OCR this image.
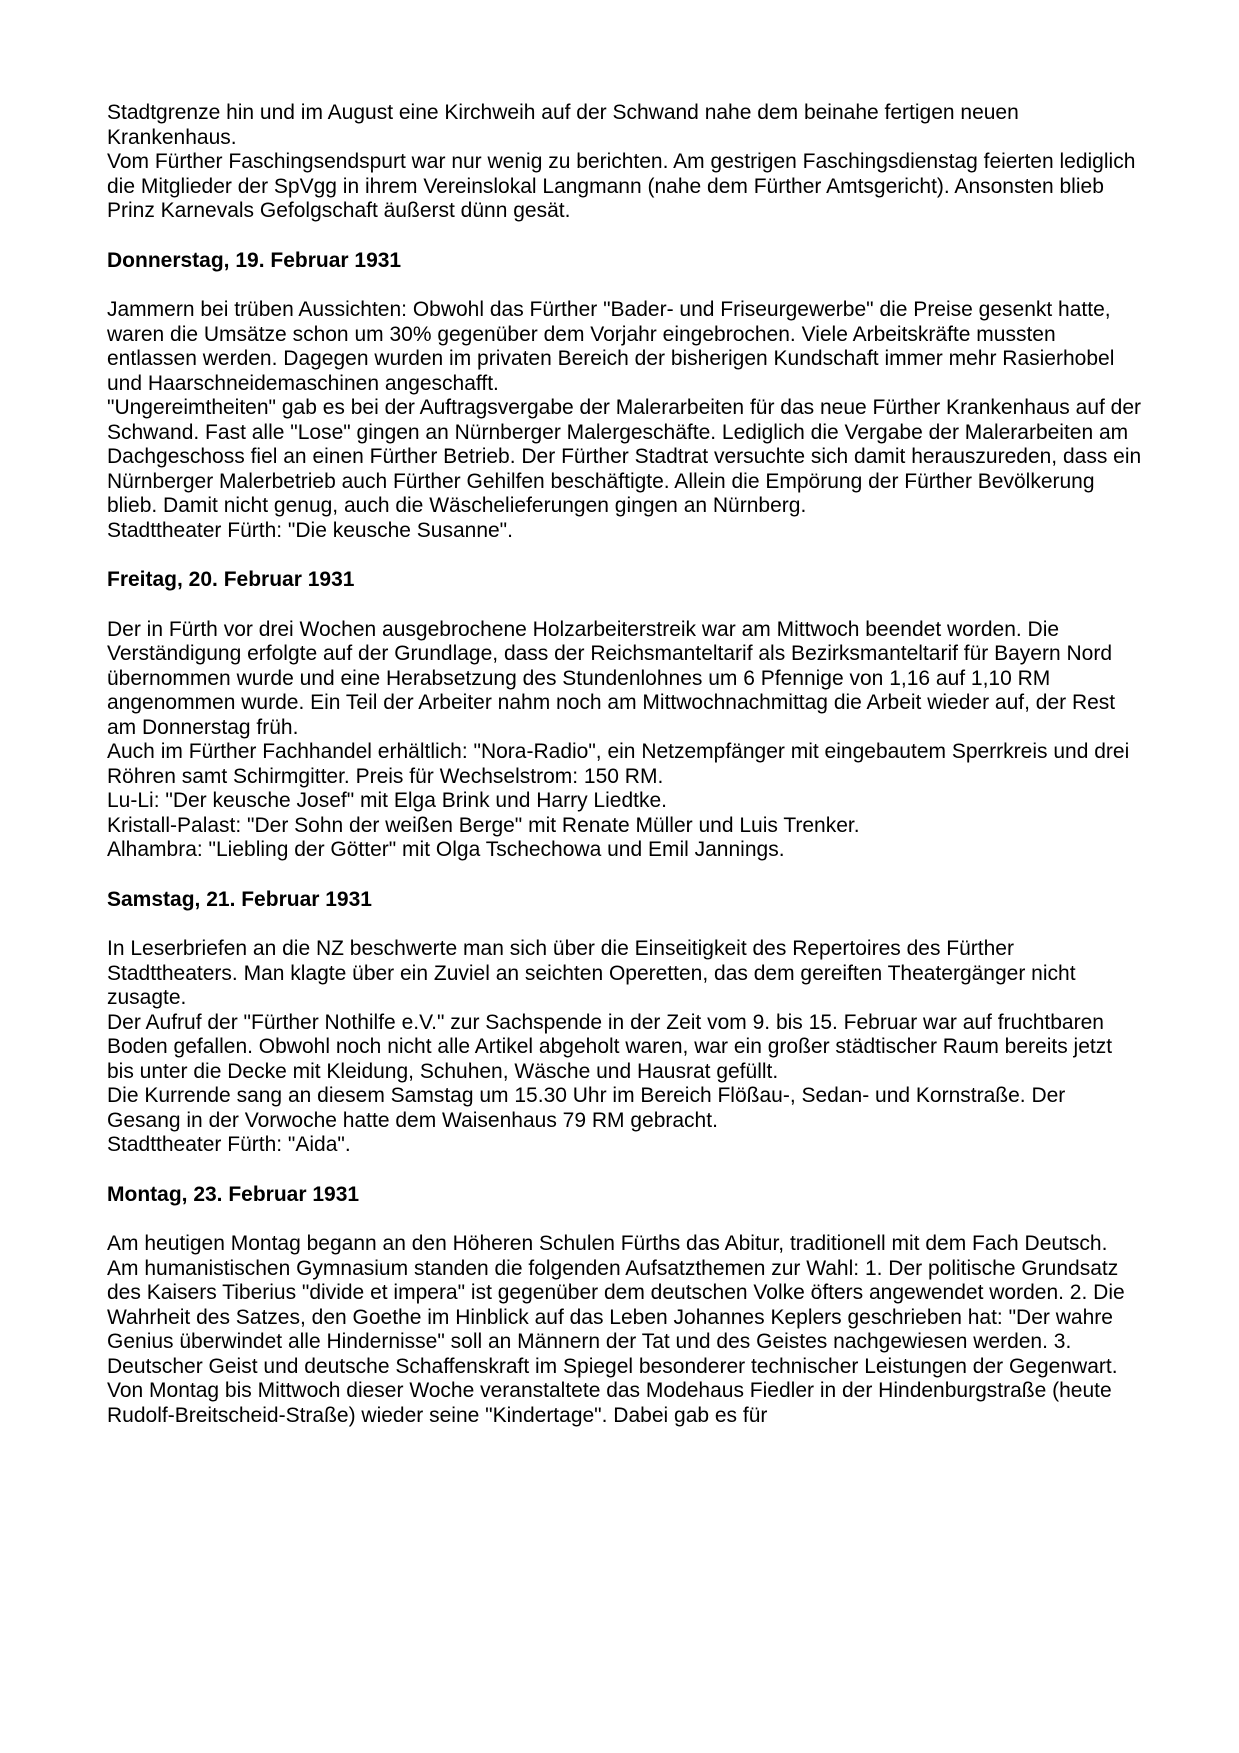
Stadtgrenze hin und im August eine Kirchweih auf der Schwand nahe dem beinahe fertigen neuen Krankenhaus.

Vom Fürther Faschingsendspurt war nur wenig zu berichten. Am gestrigen Faschingsdienstag feierten lediglich die Mitglieder der SpVgg in ihrem Vereinslokal Langmann (nahe dem Fürther Amtsgericht). Ansonsten blieb Prinz Karnevals Gefolgschaft äußerst dünn gesät.

Donnerstag, 19. Februar 1931

Jammern bei trüben Aussichten: Obwohl das Fürther "Bader- und Friseurgewerbe" die Preise gesenkt hatte, waren die Umsätze schon um 30% gegenüber dem Vorjahr eingebrochen. Viele Arbeitskräfte mussten entlassen werden. Dagegen wurden im privaten Bereich der bisherigen Kundschaft immer mehr Rasierhobel und Haarschneidemaschinen angeschafft.

"Ungereimtheiten" gab es bei der Auftragsvergabe der Malerarbeiten für das neue Fürther Krankenhaus auf der Schwand. Fast alle "Lose" gingen an Nürnberger Malergeschäfte. Lediglich die Vergabe der Malerarbeiten am Dachgeschoss fiel an einen Fürther Betrieb. Der Fürther Stadtrat versuchte sich damit herauszureden, dass ein Nürnberger Malerbetrieb auch Fürther Gehilfen beschäftigte. Allein die Empörung der Fürther Bevölkerung blieb. Damit nicht genug, auch die Wäschelieferungen gingen an Nürnberg.

Stadttheater Fürth: "Die keusche Susanne".

Freitag, 20. Februar 1931

Der in Fürth vor drei Wochen ausgebrochene Holzarbeiterstreik war am Mittwoch beendet worden. Die Verständigung erfolgte auf der Grundlage, dass der Reichsmanteltarif als Bezirksmanteltarif für Bayern Nord übernommen wurde und eine Herabsetzung des Stundenlohnes um 6 Pfennige von 1,16 auf 1,10 RM angenommen wurde. Ein Teil der Arbeiter nahm noch am Mittwochnachmittag die Arbeit wieder auf, der Rest am Donnerstag früh.

Auch im Fürther Fachhandel erhältlich: "Nora-Radio", ein Netzempfänger mit eingebautem Sperrkreis und drei Röhren samt Schirmgitter. Preis für Wechselstrom: 150 RM.

Lu-Li: "Der keusche Josef" mit Elga Brink und Harry Liedtke.

Kristall-Palast: "Der Sohn der weißen Berge" mit Renate Müller und Luis Trenker.

Alhambra: "Liebling der Götter" mit Olga Tschechowa und Emil Jannings.

Samstag, 21. Februar 1931

In Leserbriefen an die NZ beschwerte man sich über die Einseitigkeit des Repertoires des Fürther Stadttheaters. Man klagte über ein Zuviel an seichten Operetten, das dem gereiften Theatergänger nicht zusagte.

Der Aufruf der "Fürther Nothilfe e.V." zur Sachspende in der Zeit vom 9. bis 15. Februar war auf fruchtbaren Boden gefallen. Obwohl noch nicht alle Artikel abgeholt waren, war ein großer städtischer Raum bereits jetzt bis unter die Decke mit Kleidung, Schuhen, Wäsche und Hausrat gefüllt.

Die Kurrende sang an diesem Samstag um 15.30 Uhr im Bereich Flößau-, Sedan- und Kornstraße. Der Gesang in der Vorwoche hatte dem Waisenhaus 79 RM gebracht.

Stadttheater Fürth: "Aida".

Montag, 23. Februar 1931

Am heutigen Montag begann an den Höheren Schulen Fürths das Abitur, traditionell mit dem Fach Deutsch. Am humanistischen Gymnasium standen die folgenden Aufsatzthemen zur Wahl: 1. Der politische Grundsatz des Kaisers Tiberius "divide et impera" ist gegenüber dem deutschen Volke öfters angewendet worden. 2. Die Wahrheit des Satzes, den Goethe im Hinblick auf das Leben Johannes Keplers geschrieben hat: "Der wahre Genius überwindet alle Hindernisse" soll an Männern der Tat und des Geistes nachgewiesen werden. 3. Deutscher Geist und deutsche Schaffenskraft im Spiegel besonderer technischer Leistungen der Gegenwart.

Von Montag bis Mittwoch dieser Woche veranstaltete das Modehaus Fiedler in der Hindenburgstraße (heute Rudolf-Breitscheid-Straße) wieder seine "Kindertage". Dabei gab es für
